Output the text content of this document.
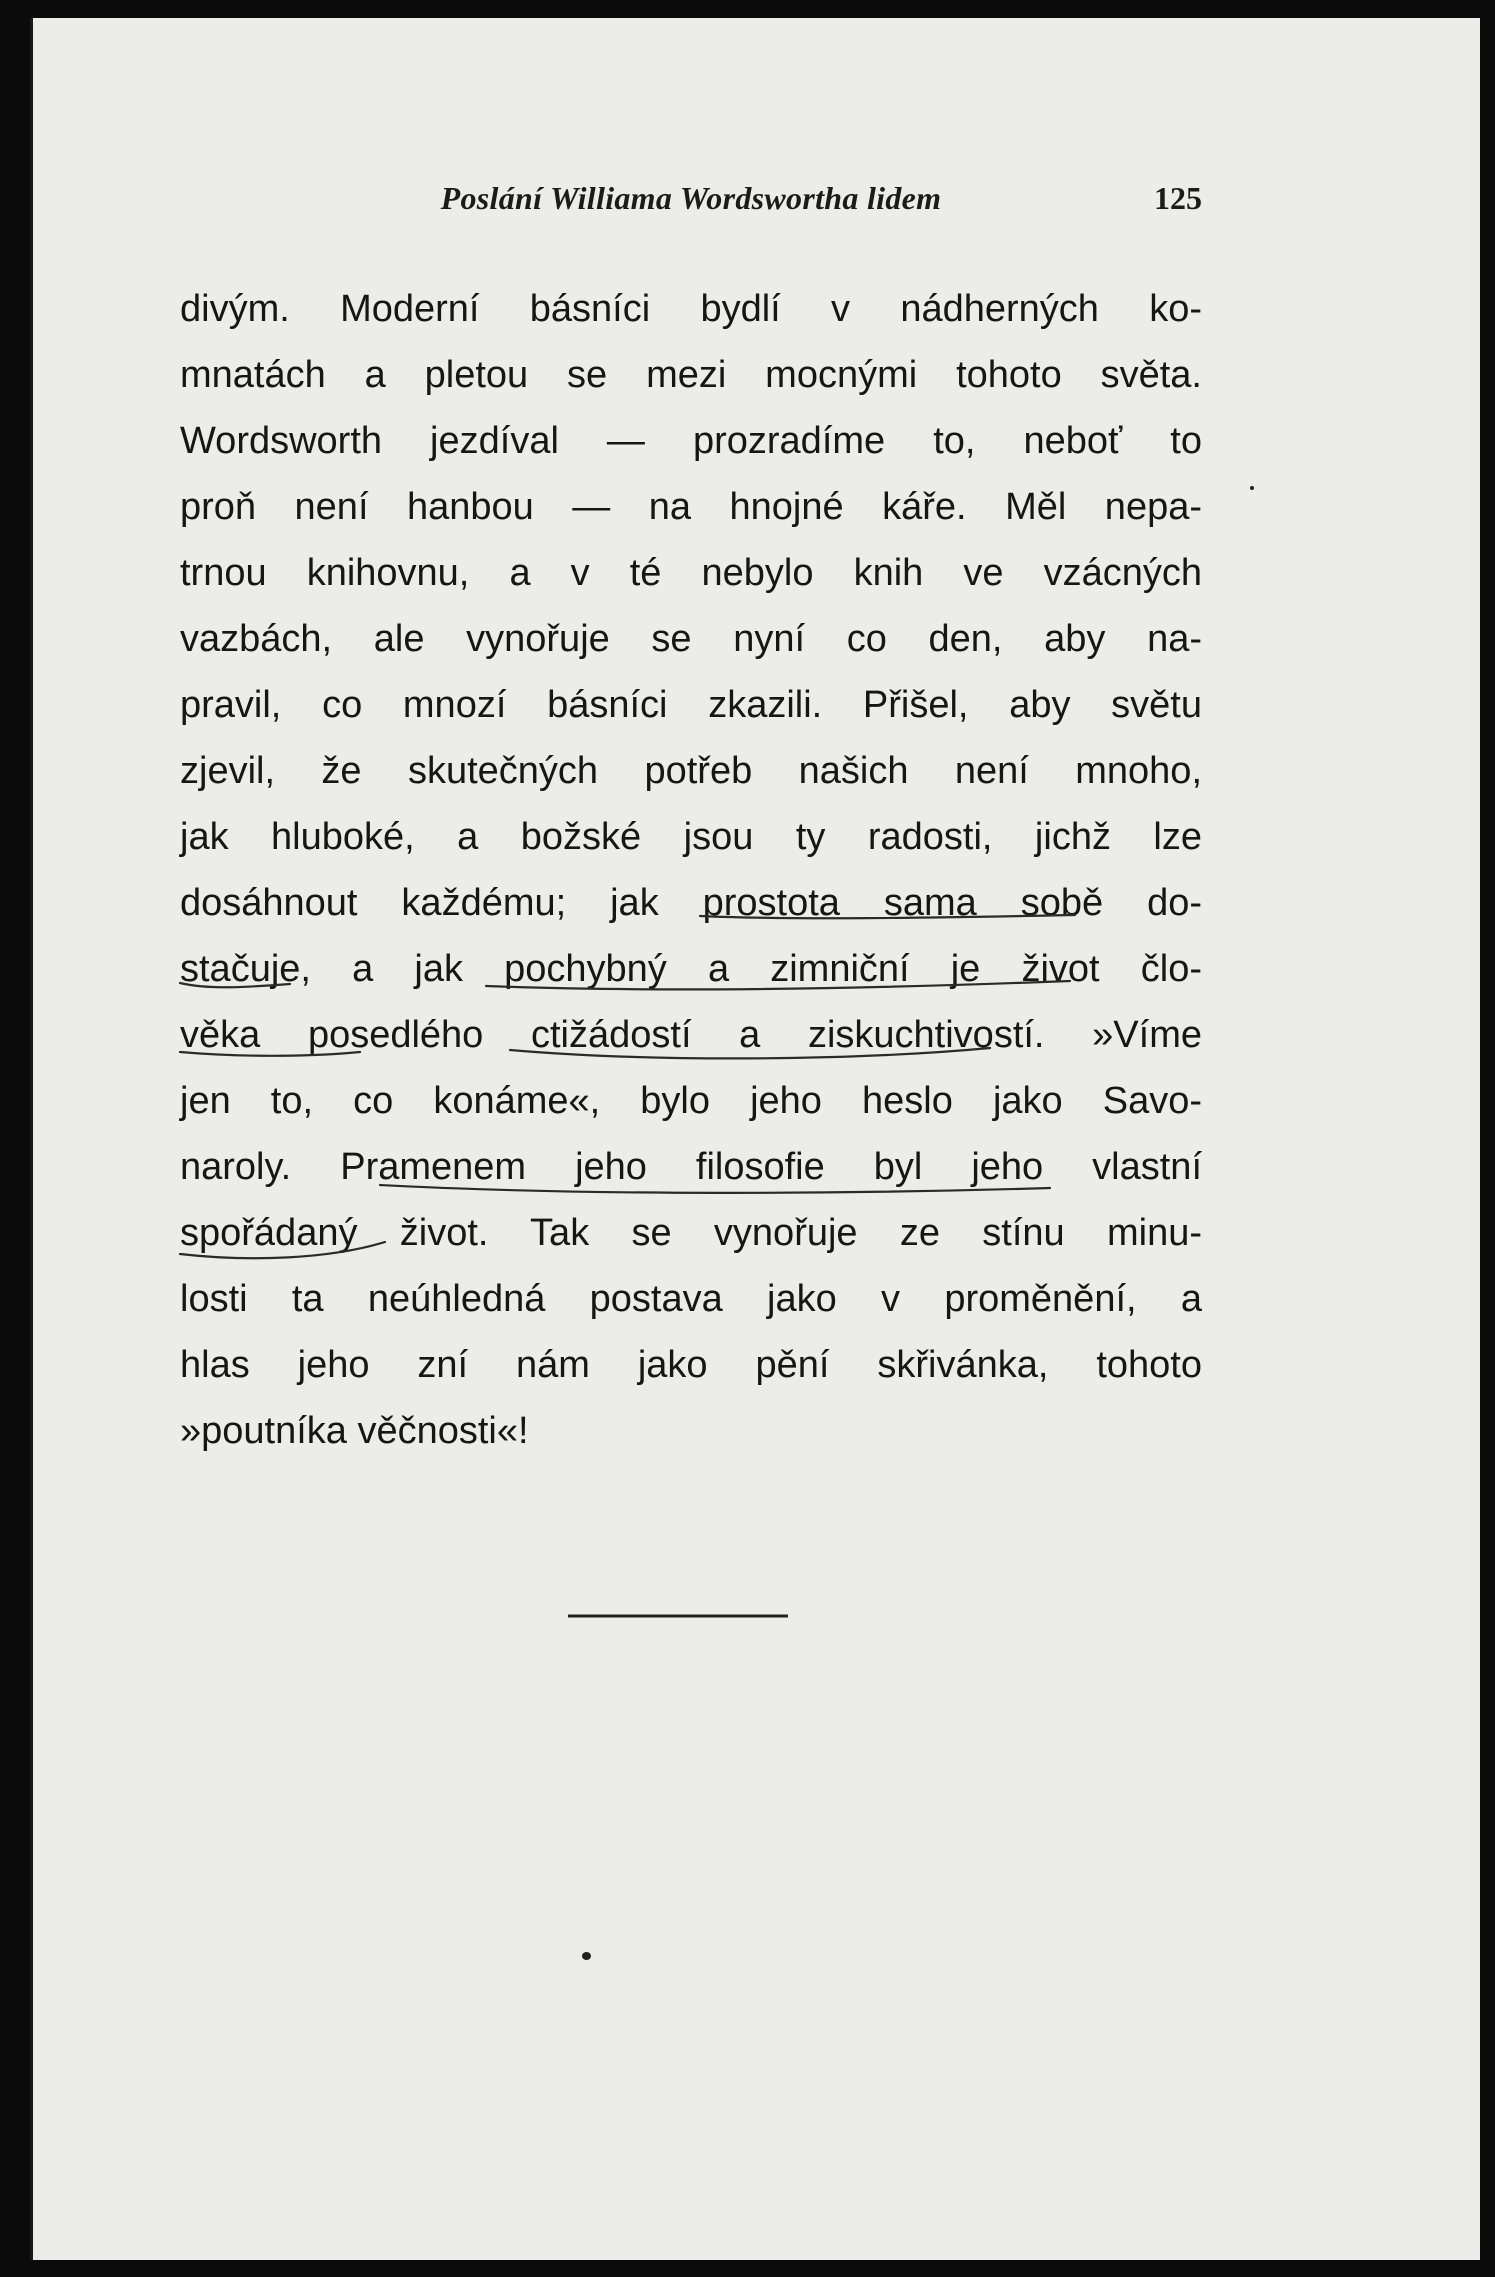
Poslání Williama Wordswortha lidem	125
divým. Moderní básníci bydlí v nádherných ko-
mnatách a pletou se mezi mocnými tohoto světa.
Wordsworth jezdíval — prozradíme to, neboť to
proň není hanbou — na hnojné káře. Měl nepa-
trnou knihovnu, a v té nebylo knih ve vzácných
vazbách, ale vynořuje se nyní co den, aby na-
pravil, co mnozí básníci zkazili. Přišel, aby světu
zjevil, že skutečných potřeb našich není mnoho,
jak hluboké, a božské jsou ty radosti, jichž lze
dosáhnout každému; jak prostota sama sobě do-
stačuje, a jak pochybný a zimniční je život člo-
věka posedlého ctižádostí a ziskuchtivostí. »Víme
jen to, co konáme«, bylo jeho heslo jako Savo-
naroly. Pramenem jeho filosofie byl jeho vlastní
spořádaný život. Tak se vynořuje ze stínu minu-
losti ta neúhledná postava jako v proměnění, a
hlas jeho zní nám jako pění skřivánka, tohoto
»poutníka věčnosti«!
